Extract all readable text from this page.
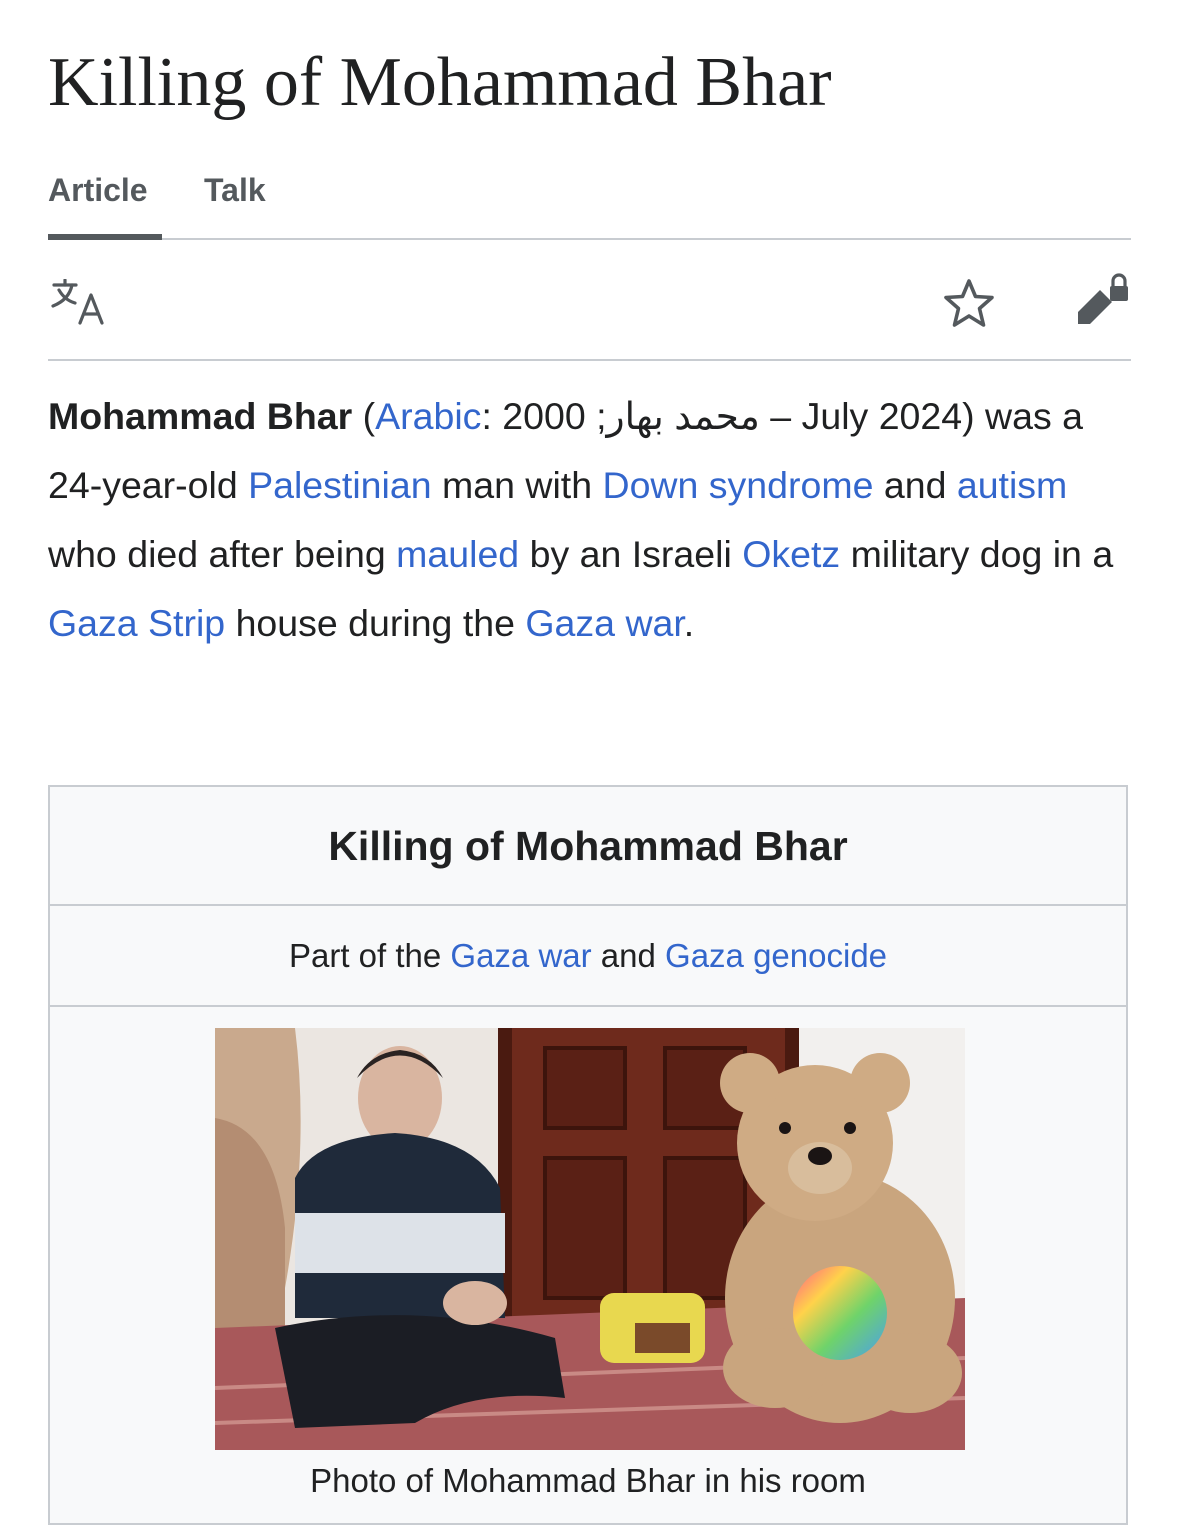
Killing of Mohammad Bhar
Article Talk
Mohammad Bhar (Arabic: محمد بهار; 2000 – July 2024) was a 24-year-old Palestinian man with Down syndrome and autism who died after being mauled by an Israeli Oketz military dog in a Gaza Strip house during the Gaza war.
Killing of Mohammad Bhar
Part of the Gaza war and Gaza genocide
Photo of Mohammad Bhar in his room
